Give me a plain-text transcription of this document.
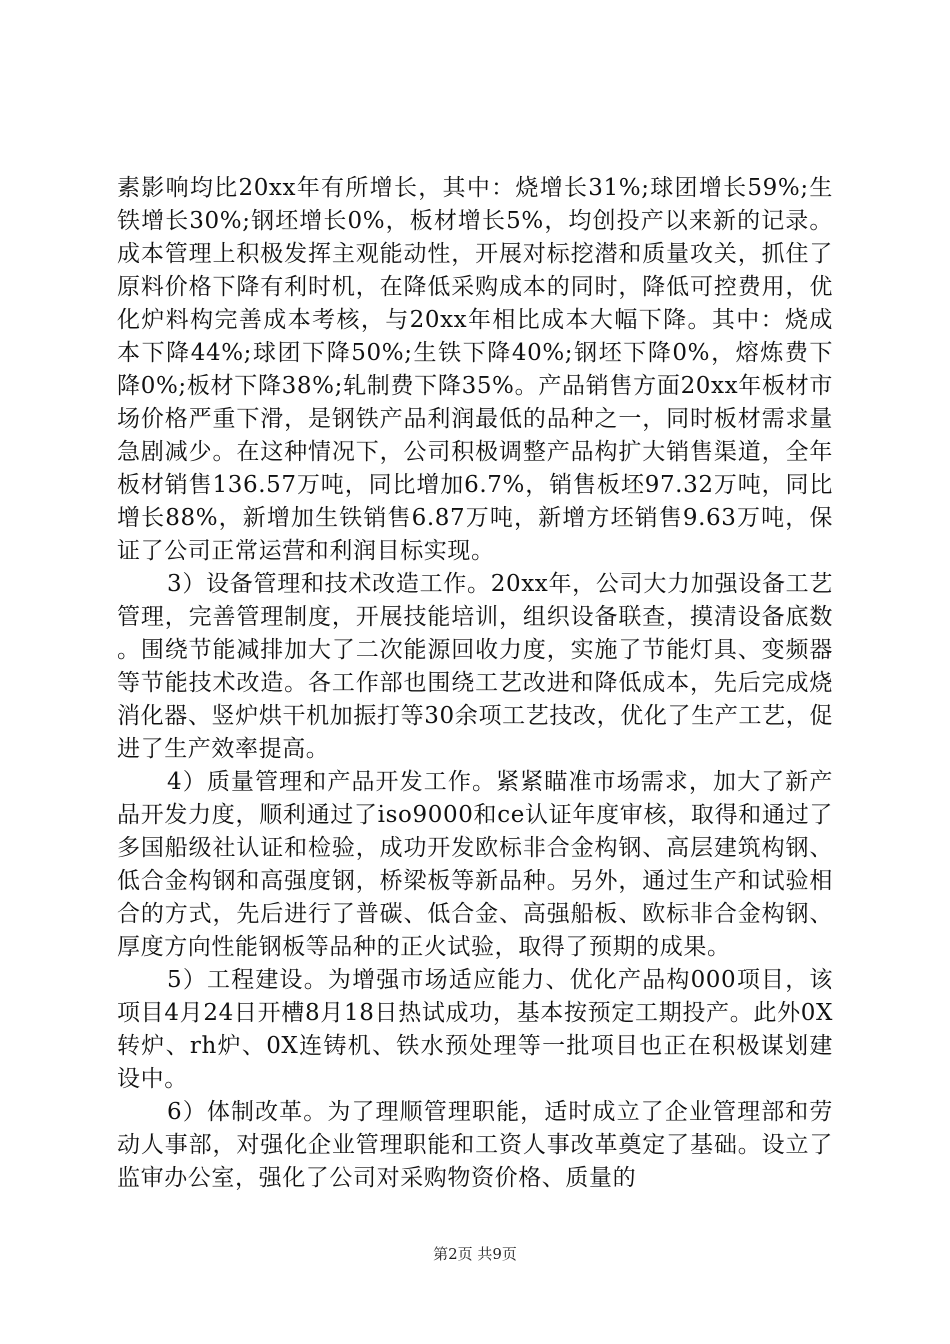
素影响均比20xx年有所增长，其中：烧增长31%;球团增长59%;生铁增长30%;钢坯增长0%，板材增长5%，均创投产以来新的记录。成本管理上积极发挥主观能动性，开展对标挖潜和质量攻关，抓住了原料价格下降有利时机，在降低采购成本的同时，降低可控费用，优化炉料构完善成本考核，与20xx年相比成本大幅下降。其中：烧成本下降44%;球团下降50%;生铁下降40%;钢坯下降0%，熔炼费下降0%;板材下降38%;轧制费下降35%。产品销售方面20xx年板材市场价格严重下滑，是钢铁产品利润最低的品种之一，同时板材需求量急剧减少。在这种情况下，公司积极调整产品构扩大销售渠道，全年板材销售136.57万吨，同比增加6.7%，销售板坯97.32万吨，同比增长88%，新增加生铁销售6.87万吨，新增方坯销售9.63万吨，保证了公司正常运营和利润目标实现。

3）设备管理和技术改造工作。20xx年，公司大力加强设备工艺管理，完善管理制度，开展技能培训，组织设备联查，摸清设备底数。围绕节能减排加大了二次能源回收力度，实施了节能灯具、变频器等节能技术改造。各工作部也围绕工艺改进和降低成本，先后完成烧消化器、竖炉烘干机加振打等30余项工艺技改，优化了生产工艺，促进了生产效率提高。

4）质量管理和产品开发工作。紧紧瞄准市场需求，加大了新产品开发力度，顺利通过了iso9000和ce认证年度审核，取得和通过了多国船级社认证和检验，成功开发欧标非合金构钢、高层建筑构钢、低合金构钢和高强度钢，桥梁板等新品种。另外，通过生产和试验相合的方式，先后进行了普碳、低合金、高强船板、欧标非合金构钢、厚度方向性能钢板等品种的正火试验，取得了预期的成果。

5）工程建设。为增强市场适应能力、优化产品构000项目，该项目4月24日开槽8月18日热试成功，基本按预定工期投产。此外0X转炉、rh炉、0X连铸机、铁水预处理等一批项目也正在积极谋划建设中。

6）体制改革。为了理顺管理职能，适时成立了企业管理部和劳动人事部，对强化企业管理职能和工资人事改革奠定了基础。设立了监审办公室，强化了公司对采购物资价格、质量的

第2页 共9页
